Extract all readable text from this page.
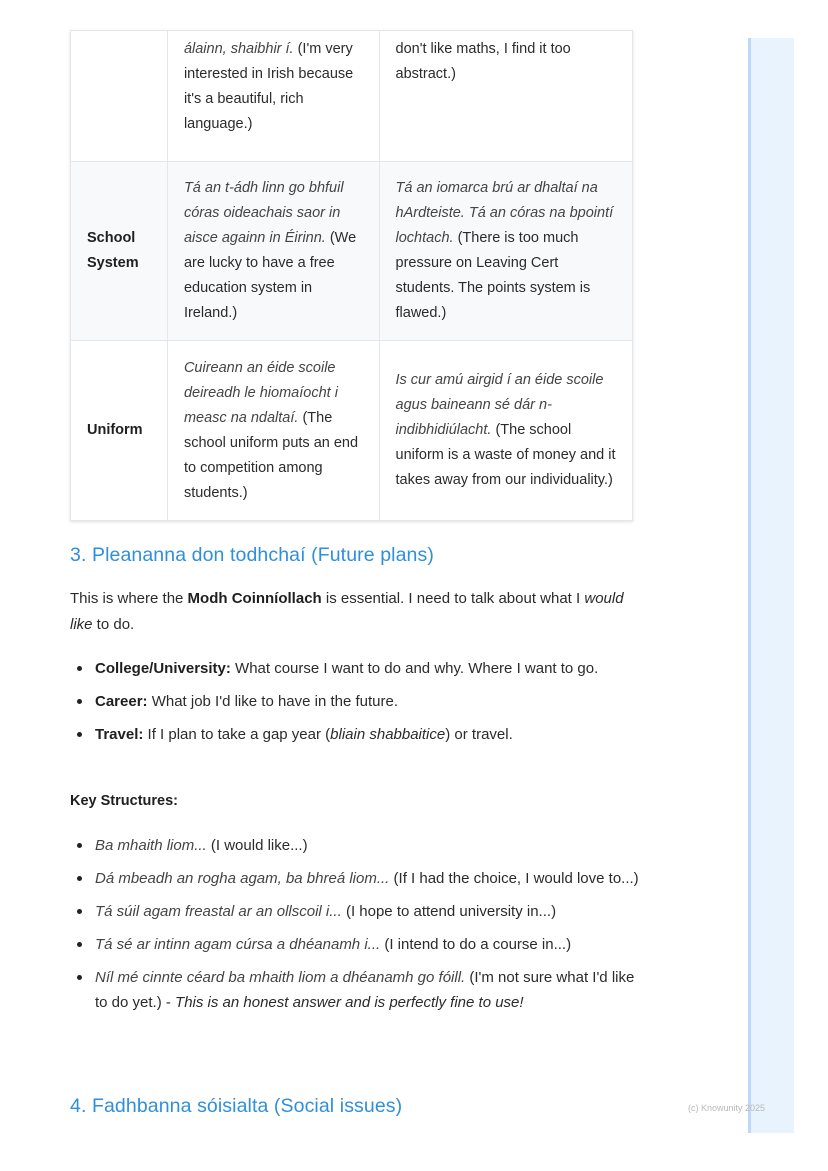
	álainn, shaibhir í. (I'm very interested in Irish because it's a beautiful, rich language.)	don't like maths, I find it too abstract.)
School System	Tá an t-ádh linn go bhfuil córas oideachais saor in aisce againn in Éirinn. (We are lucky to have a free education system in Ireland.)	Tá an iomarca brú ar dhaltaí na hArdteiste. Tá an córas na bpointí lochtach. (There is too much pressure on Leaving Cert students. The points system is flawed.)
Uniform	Cuireann an éide scoile deireadh le hiomaíocht i measc na ndaltaí. (The school uniform puts an end to competition among students.)	Is cur amú airgid í an éide scoile agus baineann sé dár n-indibhidiúlacht. (The school uniform is a waste of money and it takes away from our individuality.)
3. Pleananna don todhchaí (Future plans)

This is where the Modh Coinníollach is essential. I need to talk about what I would like to do.

College/University: What course I want to do and why. Where I want to go.
Career: What job I'd like to have in the future.
Travel: If I plan to take a gap year (bliain shabbaitice) or travel.
Key Structures:
Ba mhaith liom... (I would like...)
Dá mbeadh an rogha agam, ba bhreá liom... (If I had the choice, I would love to...)
Tá súil agam freastal ar an ollscoil i... (I hope to attend university in...)
Tá sé ar intinn agam cúrsa a dhéanamh i... (I intend to do a course in...)
Níl mé cinnte céard ba mhaith liom a dhéanamh go fóill. (I'm not sure what I'd like to do yet.) - This is an honest answer and is perfectly fine to use!
4. Fadhbanna sóisialta (Social issues)	(c) Knowunity 2025
